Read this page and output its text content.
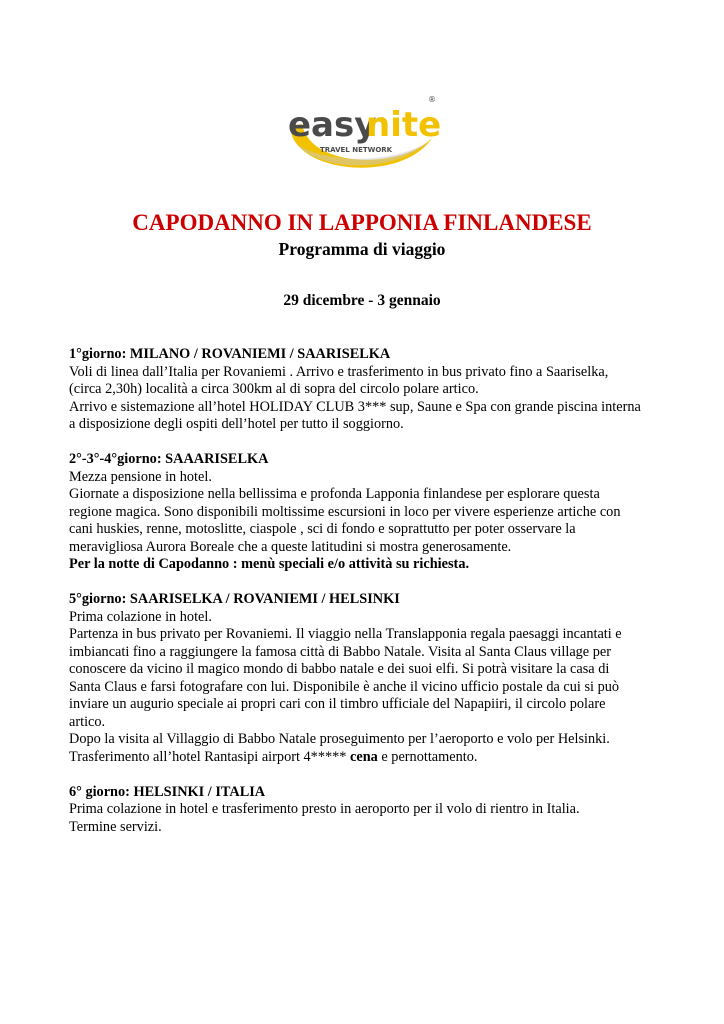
easy
nite
®
TRAVEL NETWORK
CAPODANNO IN LAPPONIA FINLANDESE
Programma di viaggio

29 dicembre - 3 gennaio

1°giorno: MILANO / ROVANIEMI / SAARISELKA
Voli di linea dall’Italia per Rovaniemi . Arrivo e trasferimento in bus privato fino a Saariselka,
(circa 2,30h) località a circa 300km al di sopra del circolo polare artico.
Arrivo e sistemazione all’hotel HOLIDAY CLUB 3*** sup, Saune e Spa con grande piscina interna
a disposizione degli ospiti dell’hotel per tutto il soggiorno.
2°-3°-4°giorno: SAAARISELKA
Mezza pensione in hotel.
Giornate a disposizione nella bellissima e profonda Lapponia finlandese per esplorare questa
regione magica. Sono disponibili moltissime escursioni in loco per vivere esperienze artiche con
cani huskies, renne, motoslitte, ciaspole , sci di fondo e soprattutto per poter osservare la
meravigliosa Aurora Boreale che a queste latitudini si mostra generosamente.
Per la notte di Capodanno : menù speciali e/o attività su richiesta.
5°giorno: SAARISELKA / ROVANIEMI / HELSINKI
Prima colazione in hotel.
Partenza in bus privato per Rovaniemi. Il viaggio nella Translapponia regala paesaggi incantati e
imbiancati fino a raggiungere la famosa città di Babbo Natale. Visita al Santa Claus village per
conoscere da vicino il magico mondo di babbo natale e dei suoi elfi. Si potrà visitare la casa di
Santa Claus e farsi fotografare con lui. Disponibile è anche il vicino ufficio postale da cui si può
inviare un augurio speciale ai propri cari con il timbro ufficiale del Napapiiri, il circolo polare
artico.
Dopo la visita al Villaggio di Babbo Natale proseguimento per l’aeroporto e volo per Helsinki.
Trasferimento all’hotel Rantasipi airport 4***** cena e pernottamento.
6° giorno: HELSINKI / ITALIA
Prima colazione in hotel e trasferimento presto in aeroporto per il volo di rientro in Italia.
Termine servizi.
